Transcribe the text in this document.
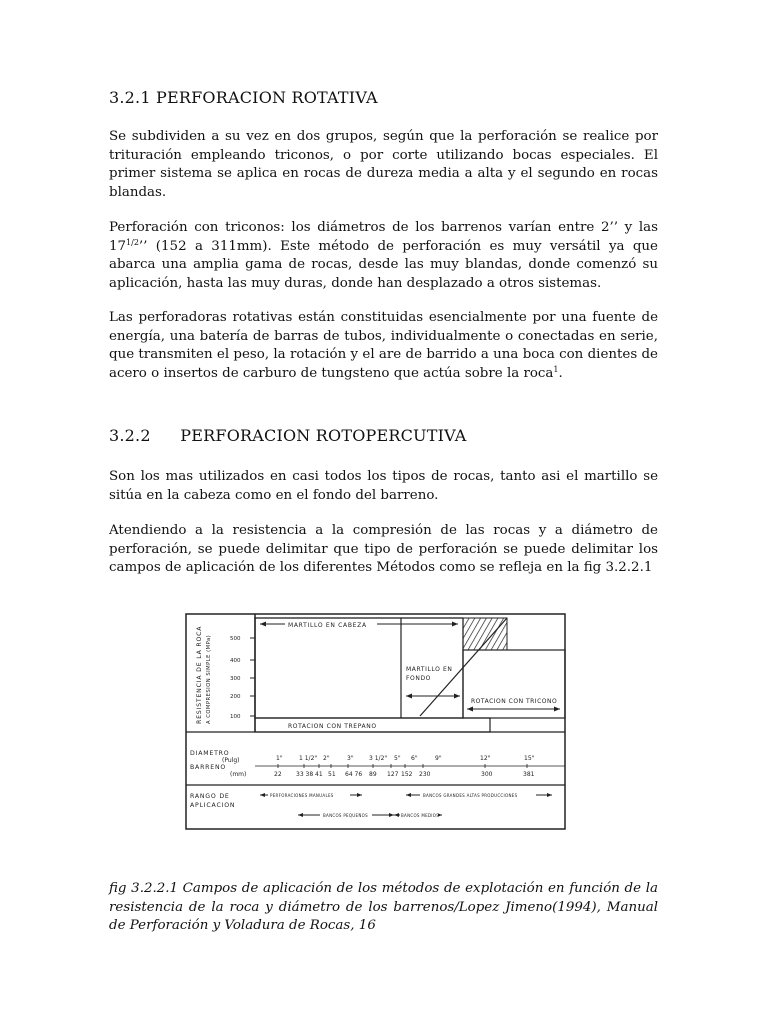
3.2.1 PERFORACION ROTATIVA

Se subdividen a su vez en dos grupos, según que la perforación se realice por trituración empleando triconos, o por corte utilizando bocas especiales. El primer sistema se aplica en rocas de dureza media a alta y el segundo en rocas blandas.

Perforación con triconos: los diámetros de los barrenos varían entre 2’’ y las $17^{1/2}$’’ (152 a 311mm). Este método de perforación es muy versátil ya que abarca una amplia gama de rocas, desde las muy blandas, donde comenzó su aplicación, hasta las muy duras, donde han desplazado a otros sistemas.

Las perforadoras rotativas están constituidas esencialmente por una fuente de energía, una batería de barras de tubos, individualmente o conectadas en serie, que transmiten el peso, la rotación y el are de barrido a una boca con dientes de acero o insertos de carburo de tungsteno que actúa sobre la roca$^1$.

3.2.2 PERFORACION ROTOPERCUTIVA

Son los mas utilizados en casi todos los tipos de rocas, tanto asi el martillo se sitúa en la cabeza como en el fondo del barreno.

Atendiendo a la resistencia a la compresión de las rocas y a diámetro de perforación, se puede delimitar que tipo de perforación se puede delimitar los campos de aplicación de los diferentes Métodos como se refleja en la fig 3.2.2.1

500
400
300
200
100
RESISTENCIA DE LA ROCA A COMPRESION SIMPLE (MPa)
MARTILLO EN CABEZA
MARTILLO EN
FONDO
ROTACION CON TRICONO
ROTACION CON TREPANO
DIAMETRO
BARRENO
(Pulg)
(mm)
1"	1 1/2" 2"	3"	3 1/2" 5" 6"	9"	12"	15"
22 33 38 41 51 64 76 89 127 152 230	300	381
RANGO DE
APLICACION
PERFORACIONES MANUALES	BANCOS GRANDES ALTAS PRODUCCIONES
BANCOS PEQUEÑOS	BANCOS MEDIOS

fig 3.2.2.1 Campos de aplicación de los métodos de explotación en función de la resistencia de la roca y diámetro de los barrenos/Lopez Jimeno(1994), Manual de Perforación y Voladura de Rocas, 16
